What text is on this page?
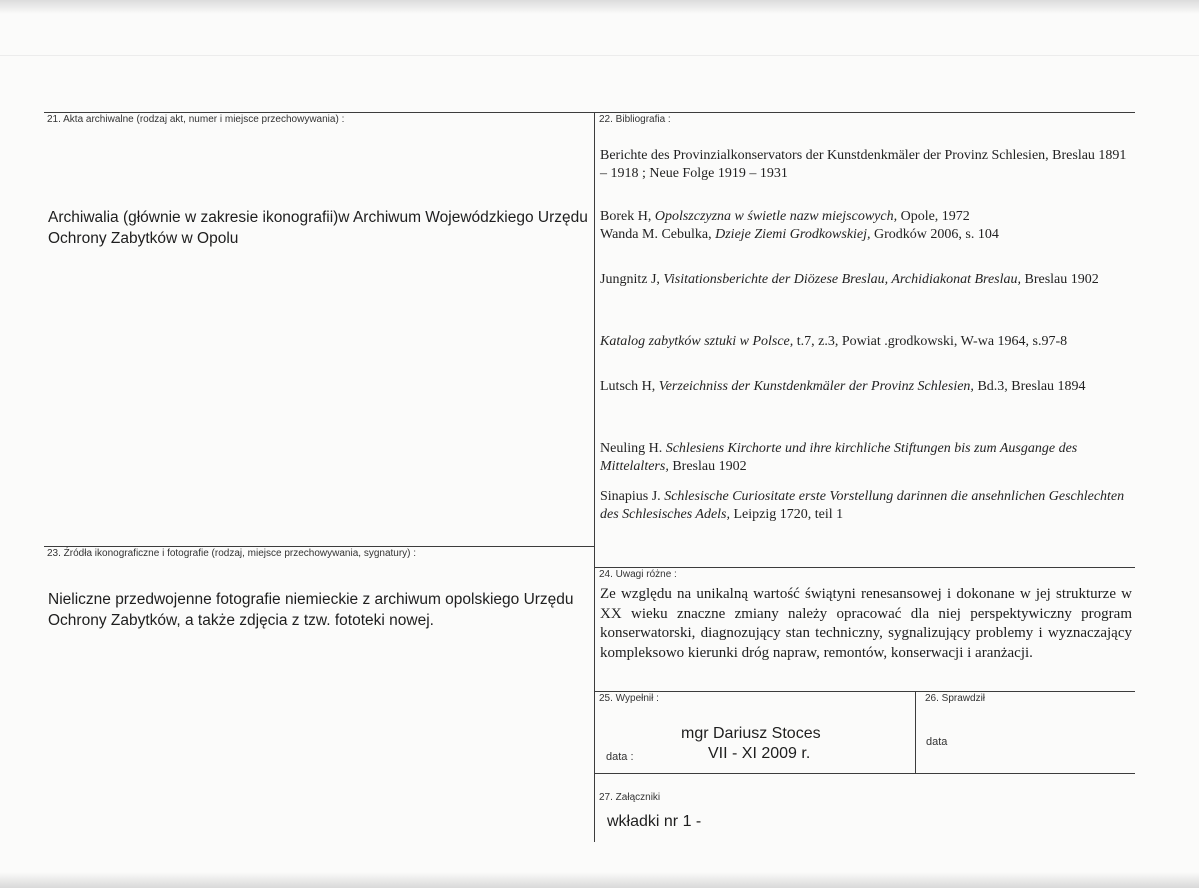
21. Akta archiwalne (rodzaj akt, numer i miejsce przechowywania) :
Archiwalia (głównie w zakresie ikonografii)w Archiwum Wojewódzkiego Urzędu Ochrony Zabytków w Opolu
22. Bibliografia :
Berichte des Provinzialkonservators der Kunstdenkmäler der Provinz Schlesien, Breslau 1891 – 1918 ; Neue Folge 1919 – 1931
Borek H, Opolszczyzna w świetle nazw miejscowych, Opole, 1972
Wanda M. Cebulka, Dzieje Ziemi Grodkowskiej, Grodków 2006, s. 104
Jungnitz J, Visitationsberichte der Diözese Breslau, Archidiakonat Breslau, Breslau 1902
Katalog zabytków sztuki w Polsce, t.7, z.3, Powiat .grodkowski, W-wa 1964, s.97-8
Lutsch H, Verzeichniss der Kunstdenkmäler der Provinz Schlesien, Bd.3, Breslau 1894
Neuling H. Schlesiens Kirchorte und ihre kirchliche Stiftungen bis zum Ausgange des Mittelalters, Breslau 1902
Sinapius J. Schlesische Curiositate erste Vorstellung darinnen die ansehnlichen Geschlechten des Schlesisches Adels, Leipzig 1720, teil 1
23. Źródła ikonograficzne i fotografie (rodzaj, miejsce przechowywania, sygnatury) :
Nieliczne przedwojenne fotografie niemieckie z archiwum opolskiego Urzędu Ochrony Zabytków, a także zdjęcia z tzw. fototeki nowej.
24. Uwagi różne :
Ze względu na unikalną wartość świątyni renesansowej i dokonane w jej strukturze w XX wieku znaczne zmiany należy opracować dla niej perspektywiczny program konserwatorski, diagnozujący stan techniczny, sygnalizujący problemy i wyznaczający kompleksowo kierunki dróg napraw, remontów, konserwacji i aranżacji.
25. Wypełnił :
mgr Dariusz Stoces
data :	VII - XI 2009 r.
26. Sprawdził
data
27. Załączniki
wkładki nr 1 -
